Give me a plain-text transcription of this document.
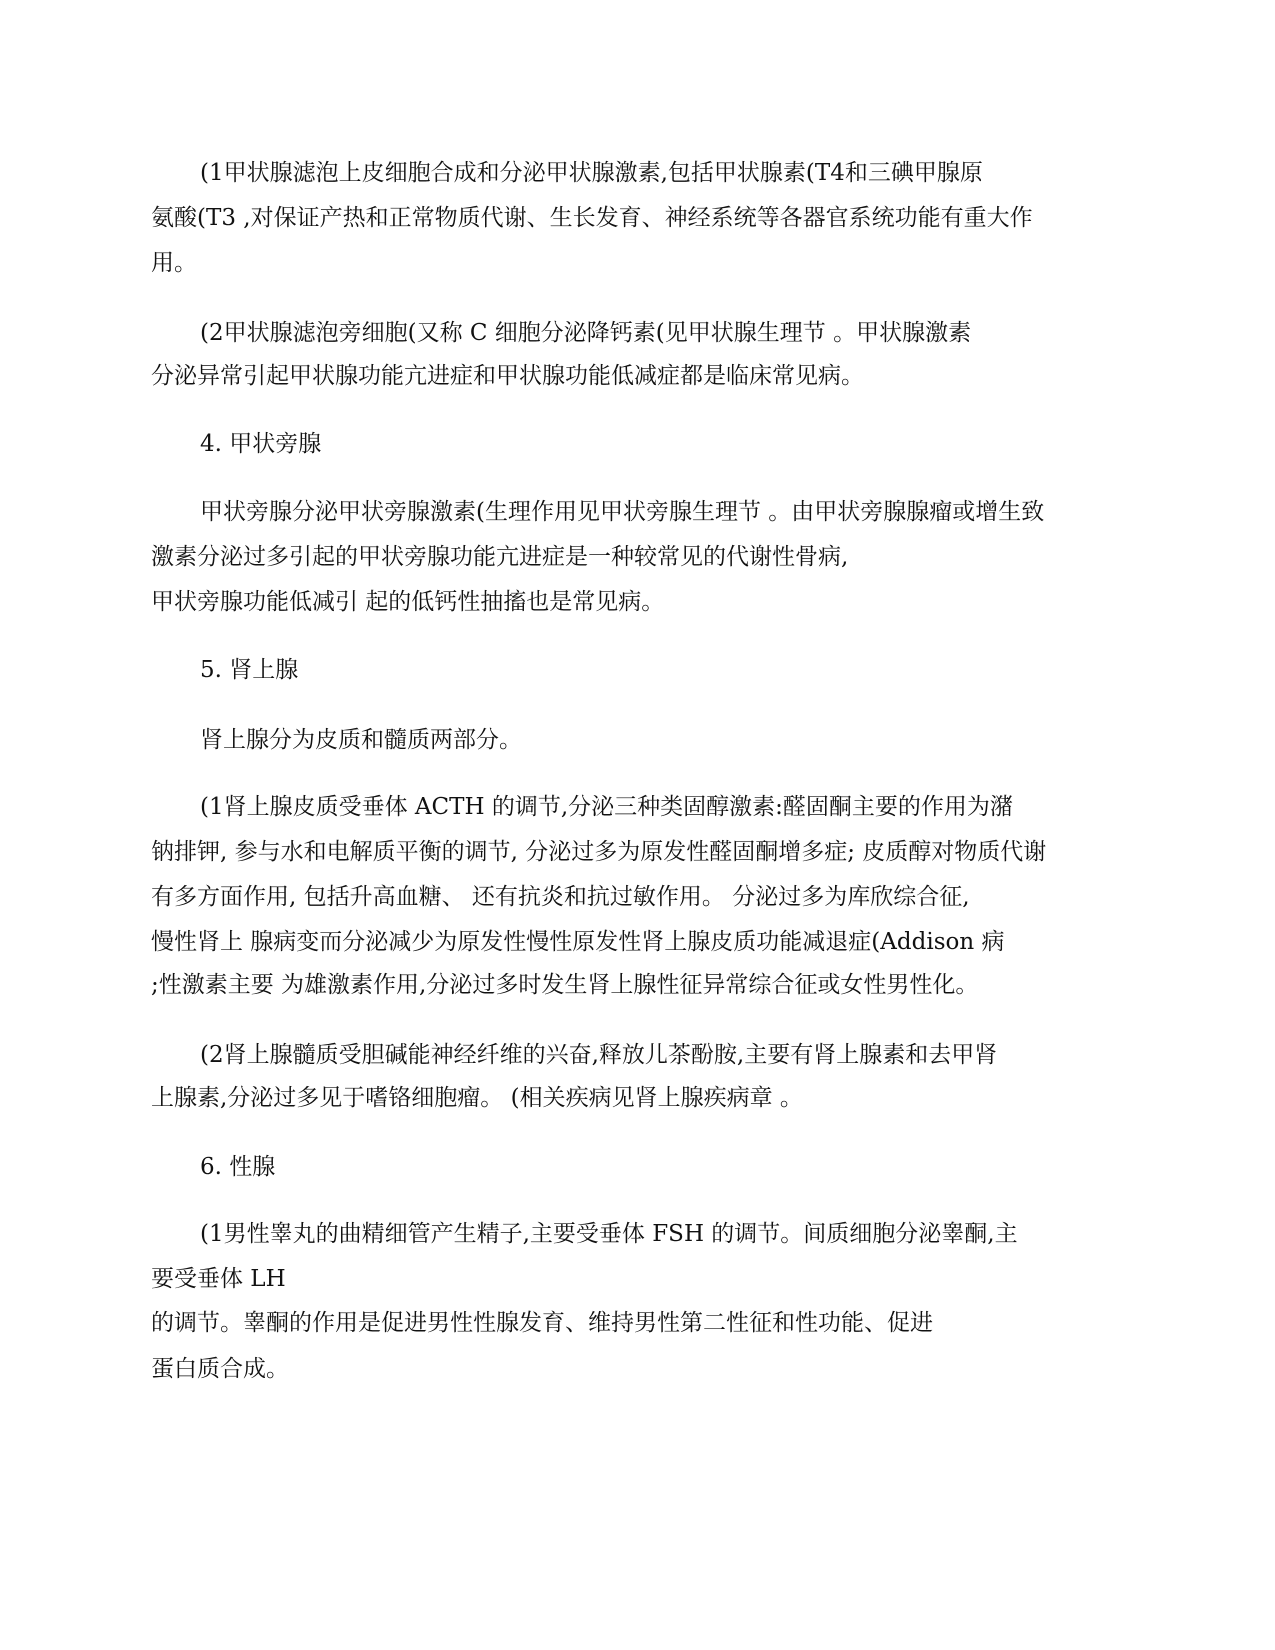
(1甲状腺滤泡上皮细胞合成和分泌甲状腺激素,包括甲状腺素(T4和三碘甲腺原

氨酸(T3 ,对保证产热和正常物质代谢、生长发育、神经系统等各器官系统功能有重大作

用。

(2甲状腺滤泡旁细胞(又称 C 细胞分泌降钙素(见甲状腺生理节 。甲状腺激素

分泌异常引起甲状腺功能亢进症和甲状腺功能低减症都是临床常见病。

4. 甲状旁腺

甲状旁腺分泌甲状旁腺激素(生理作用见甲状旁腺生理节 。由甲状旁腺腺瘤或增生致

激素分泌过多引起的甲状旁腺功能亢进症是一种较常见的代谢性骨病,

甲状旁腺功能低减引 起的低钙性抽搐也是常见病。

5. 肾上腺

肾上腺分为皮质和髓质两部分。

(1肾上腺皮质受垂体 ACTH 的调节,分泌三种类固醇激素:醛固酮主要的作用为潴

钠排钾, 参与水和电解质平衡的调节, 分泌过多为原发性醛固酮增多症; 皮质醇对物质代谢

有多方面作用, 包括升高血糖、 还有抗炎和抗过敏作用。 分泌过多为库欣综合征,

慢性肾上 腺病变而分泌减少为原发性慢性原发性肾上腺皮质功能减退症(Addison 病

;性激素主要 为雄激素作用,分泌过多时发生肾上腺性征异常综合征或女性男性化。

(2肾上腺髓质受胆碱能神经纤维的兴奋,释放儿茶酚胺,主要有肾上腺素和去甲肾

上腺素,分泌过多见于嗜铬细胞瘤。 (相关疾病见肾上腺疾病章 。

6. 性腺

(1男性睾丸的曲精细管产生精子,主要受垂体 FSH 的调节。间质细胞分泌睾酮,主

要受垂体 LH

的调节。睾酮的作用是促进男性性腺发育、维持男性第二性征和性功能、促进

蛋白质合成。
